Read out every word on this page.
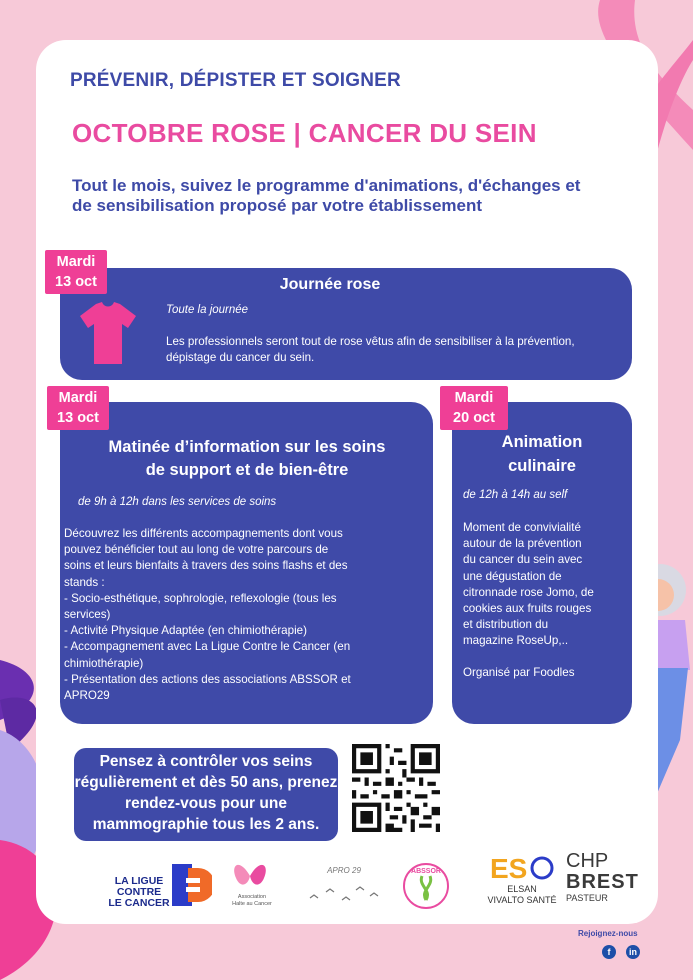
PRÉVENIR, DÉPISTER ET SOIGNER
OCTOBRE ROSE | CANCER DU SEIN
Tout le mois, suivez le programme d'animations, d'échanges et de sensibilisation proposé par votre établissement
Mardi
13 oct	Journée rose
Toute la journée
Les professionnels seront tout de rose vêtus afin de sensibiliser à la prévention, dépistage du cancer du sein.
Mardi
13 oct
Matinée d’information sur les soins
de support et de bien-être
de 9h à 12h dans les services de soins
Découvrez les différents accompagnements dont vous
pouvez bénéficier tout au long de votre parcours de
soins et leurs bienfaits à travers des soins flashs et des
stands :
- Socio-esthétique, sophrologie, reflexologie (tous les
services)
- Activité Physique Adaptée (en chimiothérapie)
- Accompagnement avec La Ligue Contre le Cancer (en
chimiothérapie)
- Présentation des actions des associations ABSSOR et
APRO29
Mardi
20 oct
Animation
culinaire
de 12h à 14h au self
Moment de convivialité
autour de la prévention
du cancer du sein avec
une dégustation de
citronnade rose Jomo, de
cookies aux fruits rouges
et distribution du
magazine RoseUp,..
Organisé par Foodles
Pensez à contrôler vos seins régulièrement et dès 50 ans, prenez rendez-vous pour une mammographie tous les 2 ans.
LA LIGUE
CONTRE
LE CANCER	Association
Halte au Cancer
APRO 29	ABSSOR ES
ELSAN
VIVALTO SANTÉ
CHP
BREST
PASTEUR
Rejoignez-nous
f	in
